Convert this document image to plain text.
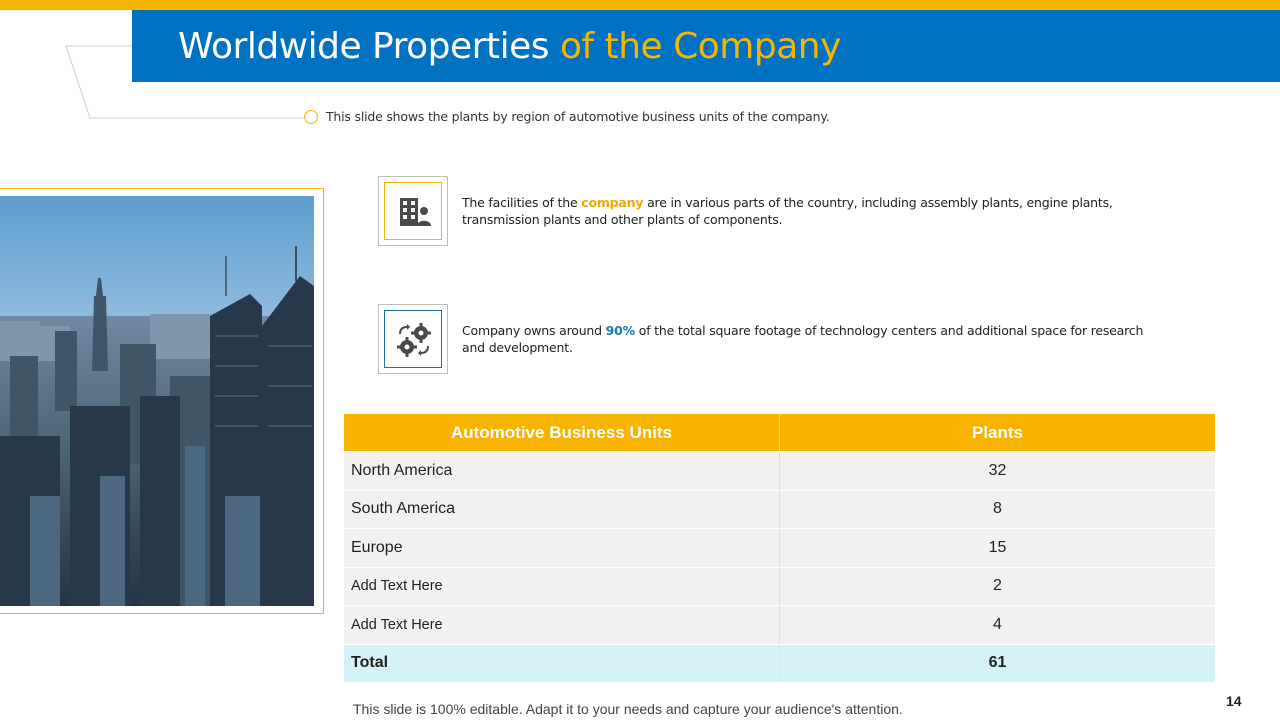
Worldwide Properties of the Company
This slide shows the plants by region of automotive business units of the company.
The facilities of the company are in various parts of the country, including assembly plants, engine plants, transmission plants and other plants of components.
Company owns around 90% of the total square footage of technology centers and additional space for research and development.
Automotive Business Units	Plants
North America	32
South America	8
Europe	15
Add Text Here	2
Add Text Here	4
Total	61
This slide is 100% editable. Adapt it to your needs and capture your audience's attention.	14
